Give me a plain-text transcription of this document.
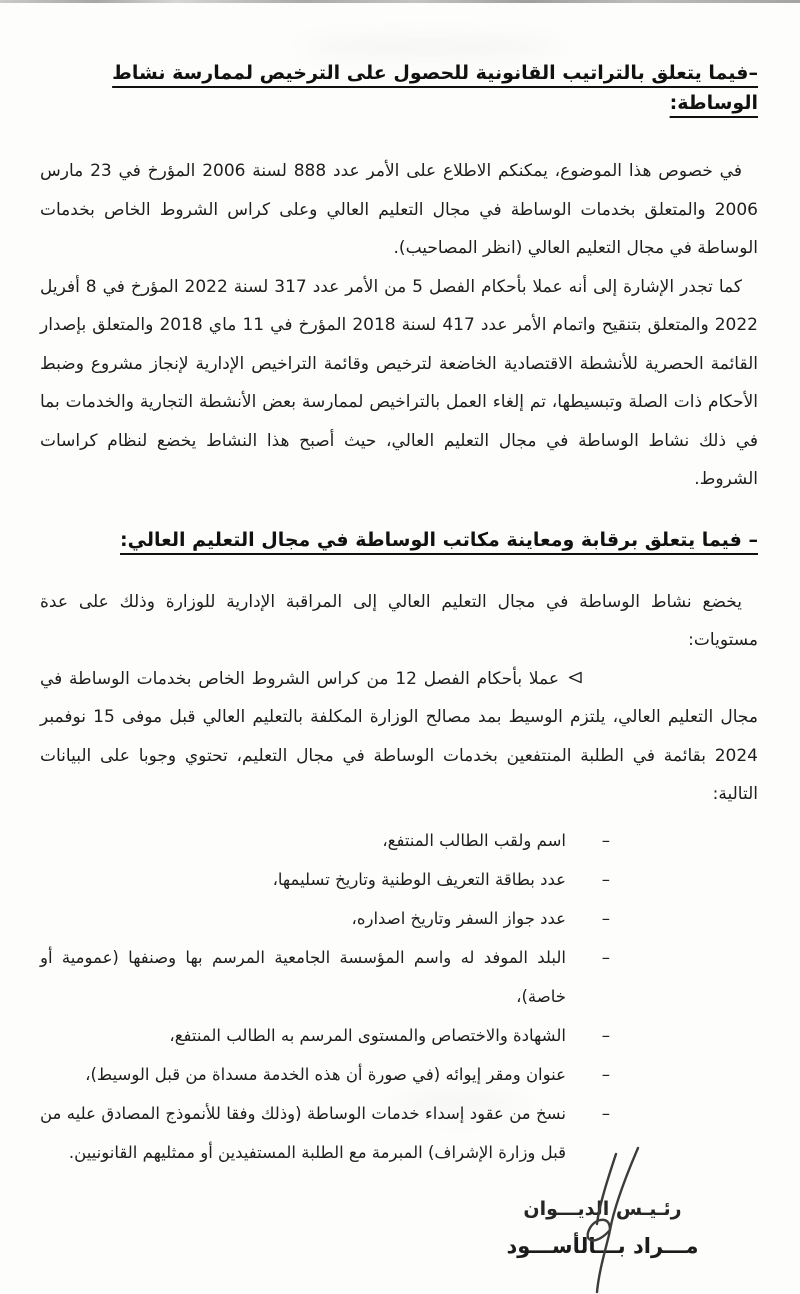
–فيما يتعلق بالتراتيب القانونية للحصول على الترخيص لممارسة نشاط الوساطة:

في خصوص هذا الموضوع، يمكنكم الاطلاع على الأمر عدد 888 لسنة 2006 المؤرخ في 23 مارس 2006 والمتعلق بخدمات الوساطة في مجال التعليم العالي وعلى كراس الشروط الخاص بخدمات الوساطة في مجال التعليم العالي (انظر المصاحيب).

كما تجدر الإشارة إلى أنه عملا بأحكام الفصل 5 من الأمر عدد 317 لسنة 2022 المؤرخ في 8 أفريل 2022 والمتعلق بتنقيح واتمام الأمر عدد 417 لسنة 2018 المؤرخ في 11 ماي 2018 والمتعلق بإصدار القائمة الحصرية للأنشطة الاقتصادية الخاضعة لترخيص وقائمة التراخيص الإدارية لإنجاز مشروع وضبط الأحكام ذات الصلة وتبسيطها، تم إلغاء العمل بالتراخيص لممارسة بعض الأنشطة التجارية والخدمات بما في ذلك نشاط الوساطة في مجال التعليم العالي، حيث أصبح هذا النشاط يخضع لنظام كراسات الشروط.

– فيما يتعلق برقابة ومعاينة مكاتب الوساطة في مجال التعليم العالي:

يخضع نشاط الوساطة في مجال التعليم العالي إلى المراقبة الإدارية للوزارة وذلك على عدة مستويات:

عملا بأحكام الفصل 12 من كراس الشروط الخاص بخدمات الوساطة في مجال التعليم العالي، يلتزم الوسيط بمد مصالح الوزارة المكلفة بالتعليم العالي قبل موفى 15 نوفمبر 2024 بقائمة في الطلبة المنتفعين بخدمات الوساطة في مجال التعليم، تحتوي وجوبا على البيانات التالية:

–
اسم ولقب الطالب المنتفع،
–
عدد بطاقة التعريف الوطنية وتاريخ تسليمها،
–
عدد جواز السفر وتاريخ اصداره،
–
البلد الموفد له واسم المؤسسة الجامعية المرسم بها وصنفها (عمومية أو خاصة)،
–
الشهادة والاختصاص والمستوى المرسم به الطالب المنتفع،
–
عنوان ومقر إيوائه (في صورة أن هذه الخدمة مسداة من قبل الوسيط)،
–
نسخ من عقود إسداء خدمات الوساطة (وذلك وفقا للأنموذج المصادق عليه من قبل وزارة الإشراف) المبرمة مع الطلبة المستفيدين أو ممثليهم القانونيين.
رئـيـس الديـــوان
مـــراد بـــالأســـود
